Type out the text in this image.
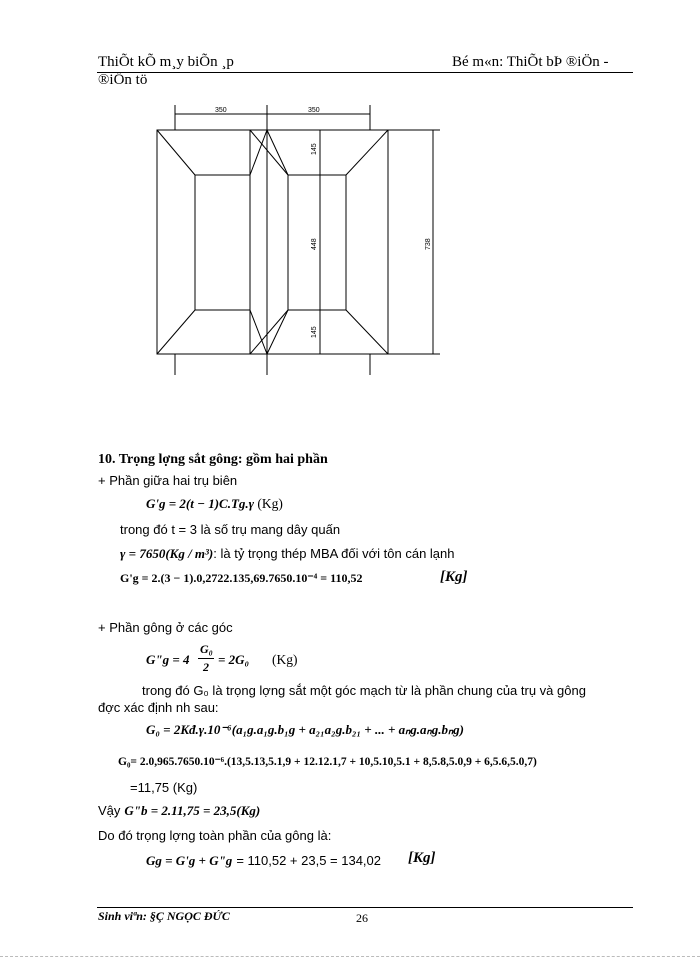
ThiÕt kÕ m¸y biÕn ¸p	Bé m«n: ThiÕt bÞ ®iÖn -
®iÖn tö
350	350
145
448
145
738
10. Trọng lợng sắt gông: gồm hai phần
+ Phần giữa hai trụ biên
G'g = 2(t − 1)C.Tg.γ (Kg)
trong đó t = 3 là số trụ mang dây quấn
γ = 7650(Kg / m³): là tỷ trọng thép MBA đối với tôn cán lạnh
G'g = 2.(3 − 1).0,2722.135,69.7650.10⁻⁴ = 110,52	[Kg]
+ Phần gông ở các góc
G"g = 4
G₀
2 = 2G₀ (Kg)
trong đó G₀ là trọng lợng sắt một góc mạch từ là phần chung của trụ và gông
đợc xác định nh sau:
G₀ = 2Kđ.γ.10⁻⁶(a₁g.a₁g.b₁g + a₂₁a₂g.b₂₁ + ... + aₙg.aₙg.bₙg)
G₀= 2.0,965.7650.10⁻⁶.(13,5.13,5.1,9 + 12.12.1,7 + 10,5.10,5.1 + 8,5.8,5.0,9 + 6,5.6,5.0,7)
=11,75 (Kg)
Vậy G"b = 2.11,75 = 23,5(Kg)
Do đó trọng lợng toàn phần của gông là:
Gg = G'g + G"g = 110,52 + 23,5 = 134,02 [Kg]
Sinh viªn: §Ç NGỌC ĐỨC	26
